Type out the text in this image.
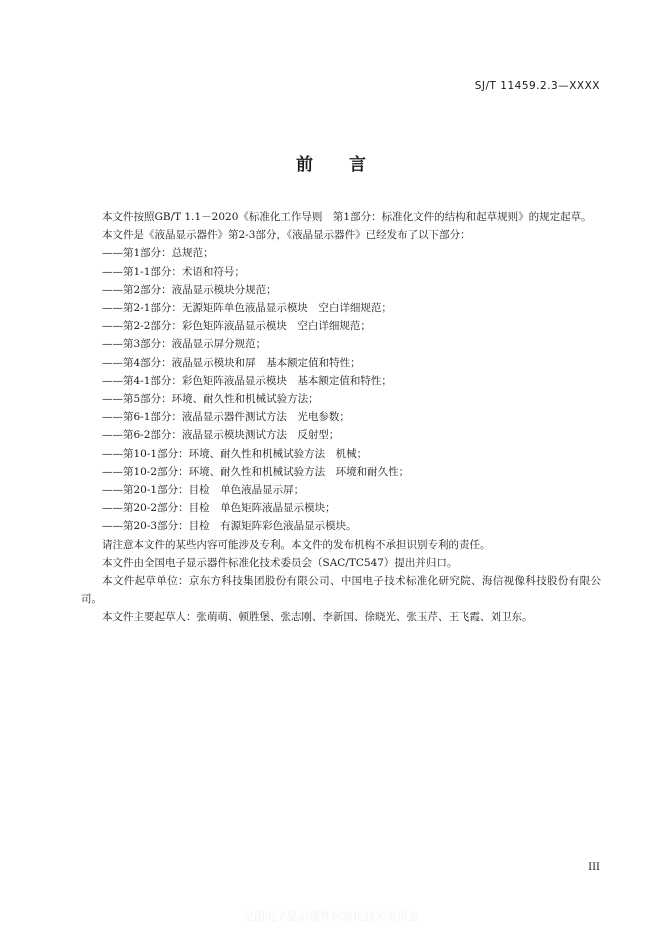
SJ/T 11459.2.3—XXXX
前言

本文件按照GB/T 1.1－2020《标准化工作导则　第1部分：标准化文件的结构和起草规则》的规定起草。

本文件是《液晶显示器件》第2-3部分，《液晶显示器件》已经发布了以下部分：

——第1部分：总规范；
——第1-1部分：术语和符号；
——第2部分：液晶显示模块分规范；
——第2-1部分：无源矩阵单色液晶显示模块　空白详细规范；
——第2-2部分：彩色矩阵液晶显示模块　空白详细规范；
——第3部分：液晶显示屏分规范；
——第4部分：液晶显示模块和屏　基本额定值和特性；
——第4-1部分：彩色矩阵液晶显示模块　基本额定值和特性；
——第5部分：环境、耐久性和机械试验方法；
——第6-1部分：液晶显示器件测试方法　光电参数；
——第6-2部分：液晶显示模块测试方法　反射型；
——第10-1部分：环境、耐久性和机械试验方法　机械；
——第10-2部分：环境、耐久性和机械试验方法　环境和耐久性；
——第20-1部分：目检　单色液晶显示屏；
——第20-2部分：目检　单色矩阵液晶显示模块；
——第20-3部分：目检　有源矩阵彩色液晶显示模块。

请注意本文件的某些内容可能涉及专利。本文件的发布机构不承担识别专利的责任。

本文件由全国电子显示器件标准化技术委员会（SAC/TC547）提出并归口。

本文件起草单位：京东方科技集团股份有限公司、中国电子技术标准化研究院、海信视像科技股份有限公司。

本文件主要起草人：张萌萌、顿胜堡、张志刚、李新国、徐晓光、张玉芹、王飞霞、刘卫东。

III
全国电子显示器件标准化技术委员会
